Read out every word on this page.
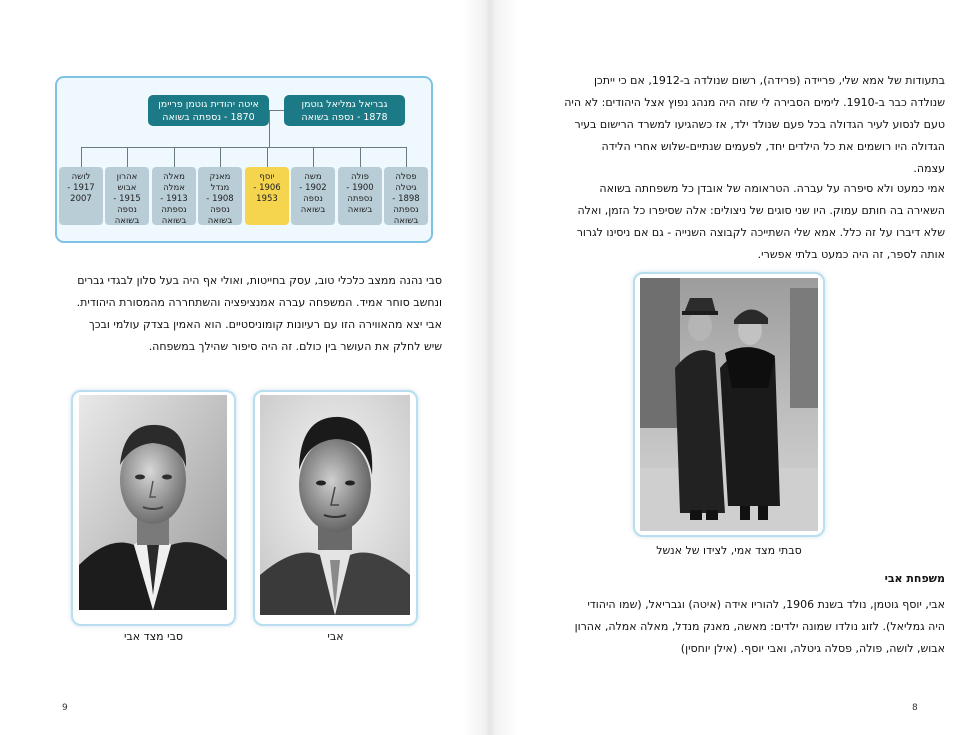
גבריאל גמליאל גוטמן
1878 - נספה בשואה
איטה יהודית גוטמן פריימן
1870 - נספתה בשואה
פסלה
גיטלה
1898 -
נספתה
בשואה
פולה
1900 -
נספתה
בשואה
משה
1902 -
נספה
בשואה
יוסף
1906 - 1953
מאנק
מנדל
1908 -
נספה
בשואה
מאלה
אמלה
1913 -
נספתה
בשואה
אהרון
אבוש
1915 -
נספה
בשואה
לושה
1917 - 2007

סבי נהנה ממצב כלכלי טוב, עסק בחייטות, ואולי אף היה בעל סלון לבגדי גברים

ונחשב סוחר אמיד. המשפחה עברה אמנציפציה והשתחררה מהמסורת היהודית.

אבי יצא מהאווירה הזו עם רעיונות קומוניסטיים. הוא האמין בצדק עולמי ובכך

שיש לחלק את העושר בין כולם. זה היה סיפור שהילך במשפחה.

סבי מצד אבי	אבי
9

בתעודות של אמא שלי, פריידה (פרידה), רשום שנולדה ב-1912, אם כי ייתכן

שנולדה כבר ב-1910. לימים הסבירה לי שזה היה מנהג נפוץ אצל היהודים: לא היה

טעם לנסוע לעיר הגדולה בכל פעם שנולד ילד, אז כשהגיעו למשרד הרישום בעיר

הגדולה היו רושמים את כל הילדים יחד, לפעמים שנתיים-שלוש אחרי הלידה

עצמה.

אמי כמעט ולא סיפרה על עברה. הטראומה של אובדן כל משפחתה בשואה

השאירה בה חותם עמוק. היו שני סוגים של ניצולים: אלה שסיפרו כל הזמן, ואלה

שלא דיברו על זה כלל. אמא שלי השתייכה לקבוצה השנייה - גם אם ניסינו לגרור

אותה לספר, זה היה כמעט בלתי אפשרי.

סבתי מצד אמי, לצידו של אנשל
משפחת אבי

אבי, יוסף גוטמן, נולד בשנת 1906, להוריו אידה (איטה) וגבריאל, (שמו היהודי

היה גמליאל). לזוג נולדו שמונה ילדים: מאשה, מאנק מנדל, מאלה אמלה, אהרון

אבוש, לושה, פולה, פסלה גיטלה, ואבי יוסף. (אילן יוחסין)

8
